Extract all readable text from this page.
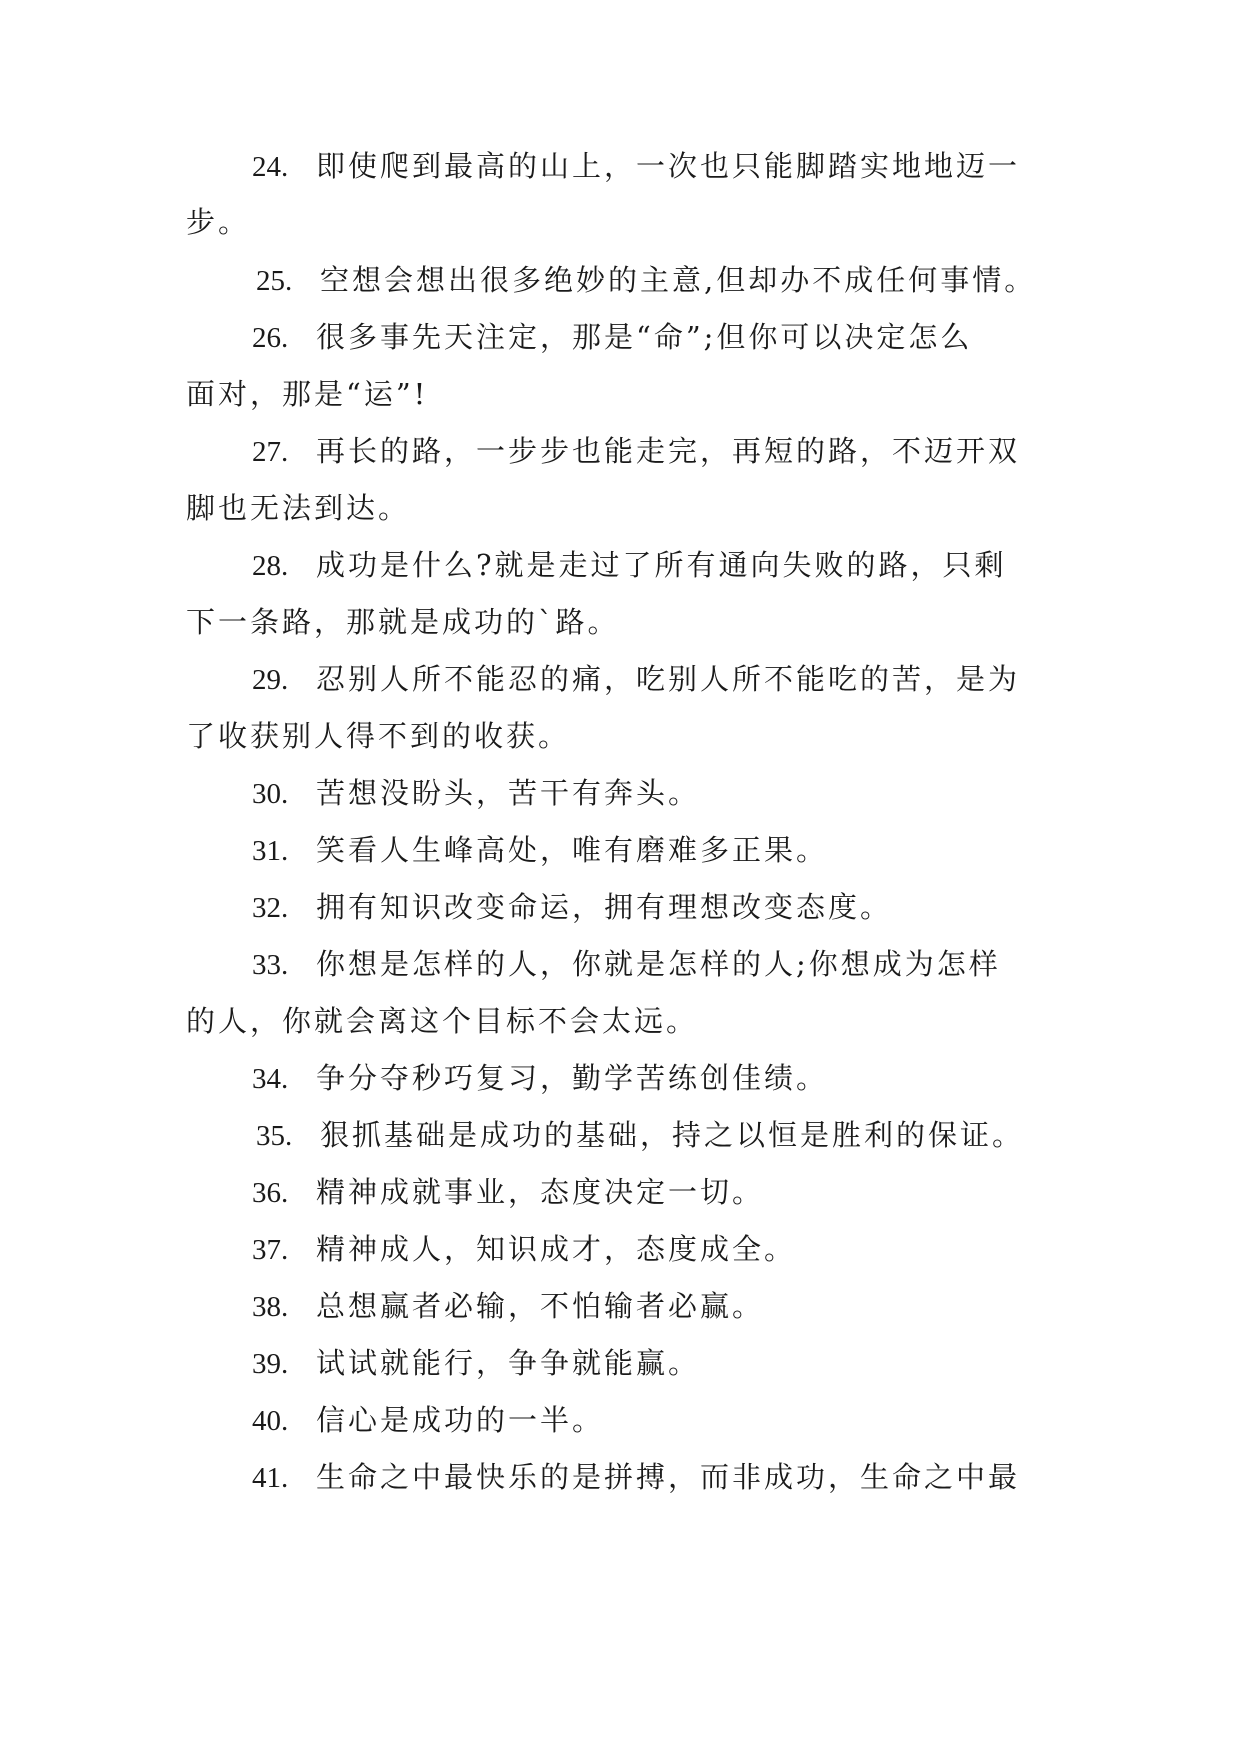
24. 即使爬到最高的山上，一次也只能脚踏实地地迈一
步。
25. 空想会想出很多绝妙的主意,但却办不成任何事情。
26. 很多事先天注定，那是“命”;但你可以决定怎么
面对，那是“运”!
27. 再长的路，一步步也能走完，再短的路，不迈开双
脚也无法到达。
28. 成功是什么?就是走过了所有通向失败的路，只剩
下一条路，那就是成功的`路。
29. 忍别人所不能忍的痛，吃别人所不能吃的苦，是为
了收获别人得不到的收获。
30. 苦想没盼头，苦干有奔头。
31. 笑看人生峰高处，唯有磨难多正果。
32. 拥有知识改变命运，拥有理想改变态度。
33. 你想是怎样的人，你就是怎样的人;你想成为怎样
的人，你就会离这个目标不会太远。
34. 争分夺秒巧复习，勤学苦练创佳绩。
35. 狠抓基础是成功的基础，持之以恒是胜利的保证。
36. 精神成就事业，态度决定一切。
37. 精神成人，知识成才，态度成全。
38. 总想赢者必输，不怕输者必赢。
39. 试试就能行，争争就能赢。
40. 信心是成功的一半。
41. 生命之中最快乐的是拼搏，而非成功，生命之中最
